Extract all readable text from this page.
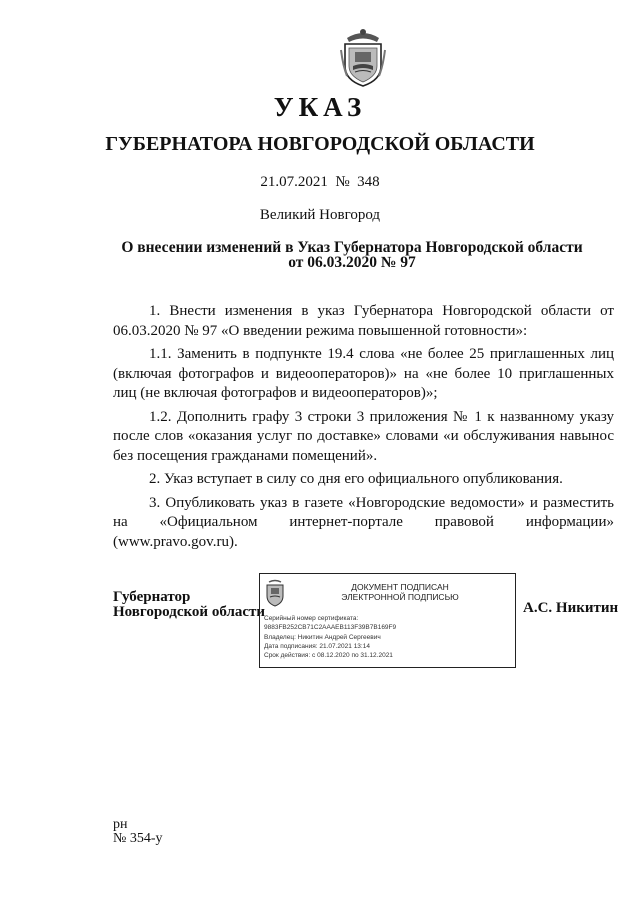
УКАЗ
ГУБЕРНАТОРА НОВГОРОДСКОЙ ОБЛАСТИ
21.07.2021 № 348
Великий Новгород
О внесении изменений в Указ Губернатора Новгородской области
от 06.03.2020 № 97

1. Внести изменения в указ Губернатора Новгородской области от 06.03.2020 № 97 «О введении режима повышенной готовности»:

1.1. Заменить в подпункте 19.4 слова «не более 25 приглашенных лиц (включая фотографов и видеооператоров)» на «не более 10 приглашенных лиц (не включая фотографов и видеооператоров)»;

1.2. Дополнить графу 3 строки 3 приложения № 1 к названному указу после слов «оказания услуг по доставке» словами «и обслуживания навынос без посещения гражданами помещений».

2. Указ вступает в силу со дня его официального опубликования.

3. Опубликовать указ в газете «Новгородские ведомости» и разместить на «Официальном интернет-портале правовой информации» (www.pravo.gov.ru).

Губернатор
Новгородской области
ДОКУМЕНТ ПОДПИСАН
ЭЛЕКТРОННОЙ ПОДПИСЬЮ
Серийный номер сертификата:
9883FB252CB71C2AAAEB113F39B7B169F9
Владелец: Никитин Андрей Сергеевич
Дата подписания: 21.07.2021 13:14
Срок действия: с 08.12.2020 по 31.12.2021
А.С. Никитин
рн
№ 354-у
